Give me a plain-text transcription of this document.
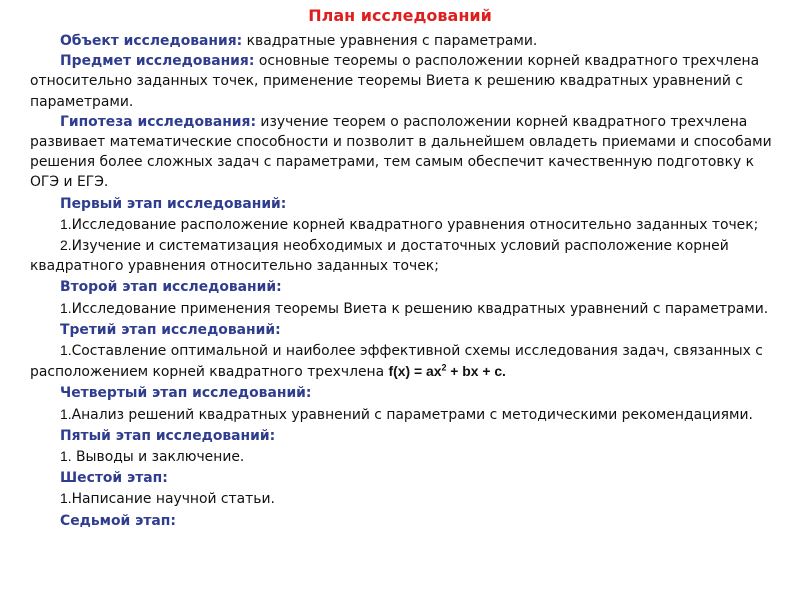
План исследований

Объект исследования: квадратные уравнения с параметрами.

Предмет исследования: основные теоремы о расположении корней квадратного трехчлена относительно заданных точек, применение теоремы Виета к решению квадратных уравнений с параметрами.

Гипотеза исследования: изучение теорем о расположении корней квадратного трехчлена развивает математические способности и позволит в дальнейшем овладеть приемами и способами решения более сложных задач с параметрами, тем самым обеспечит качественную подготовку к ОГЭ и ЕГЭ.

Первый этап исследований:

1.Исследование расположение корней квадратного уравнения относительно заданных точек;

2.Изучение и систематизация необходимых и достаточных условий расположение корней квадратного уравнения относительно заданных точек;

Второй этап исследований:

1.Исследование применения теоремы Виета к решению квадратных уравнений с параметрами.

Третий этап исследований:

1.Составление оптимальной и наиболее эффективной схемы исследования задач, связанных с расположением корней квадратного трехчлена $f(x) = ax^2$ + bx + c.

Четвертый этап исследований:

1.Анализ решений квадратных уравнений с параметрами с методическими рекомендациями.

Пятый этап исследований:

1. Выводы и заключение.

Шестой этап:

1.Написание научной статьи.

Седьмой этап:
